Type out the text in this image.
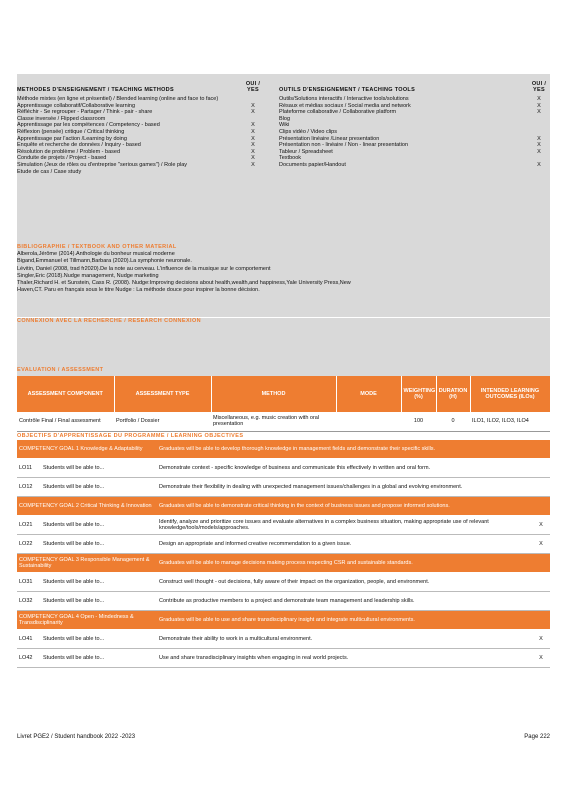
METHODES D'ENSEIGNEMENT / TEACHING METHODS
OUI / YES
Méthode mixtes (en ligne et présentiel) / Blended learning (online and face to face)
Apprentissage collaboratif/Collaborative learning	X
Réfléchir - Se regrouper - Partager / Think - pair - share	X
Classe inversée / Flipped classroom
Apprentissage par les compétences / Competency - based	X
Réflexion (pensée) critique / Critical thinking	X
Apprentissage par l'action /Learning by doing	X
Enquête et recherche de données / Inquiry - based	X
Résolution de problème / Problem - based	X
Conduite de projets / Project - based	X
Simulation (Jeux de rôles ou d'entreprise "serious games") / Role play	X
Etude de cas / Case study
OUTILS D'ENSEIGNEMENT / TEACHING TOOLS
OUI / YES
Outils/Solutions interactifs / Interactive tools/solutions	X
Résaux et médias sociaux / Social media and network	X
Plateforme collaborative / Collaborative platform	X
Blog
Wiki
Clips vidéo / Video clips
Présentation linéaire /Linear presentation	X
Présentation non - linéaire / Non - linear presentation	X
Tableur / Spreadsheet	X
Textbook
Documents papier/Handout	X
BIBLIOGRAPHIE / TEXTBOOK AND OTHER MATERIAL
Alberola,Jérôme (2014).Anthologie du bonheur musical moderne
Bigand,Emmanuel et Tillmann,Barbara (2020).La symphonie neuronale.
Lévitin, Daniel (2008, trad fr2020).De la note au cerveau. L'influence de la musique sur le comportement
Singler,Eric (2018).Nudge management, Nudge marketing
Thaler,Richard H. et Sunstein, Cass R. (2008). Nudge:Improving decisions about health,wealth,and happiness,Yale University Press,New
Haven,CT. Paru en français sous le titre Nudge : La méthode douce pour inspirer la bonne décision.
CONNEXION AVEC LA RECHERCHE / RESEARCH CONNEXION
EVALUATION / ASSESSMENT
ASSESSMENT COMPONENT	ASSESSMENT TYPE	METHOD	MODE	WEIGHTING (%)	DURATION (H)	INTENDED LEARNING OUTCOMES (ILOs)
Contrôle Final / Final assessment	Portfolio / Dossier	Miscellaneous, e.g. music creation with oral presentation		100	0	ILO1, ILO2, ILO3, ILO4
OBJECTIFS D'APPRENTISSAGE DU PROGRAMME / LEARNING OBJECTIVES
COMPETENCY GOAL 1 Knowledge & Adaptability	Graduates will be able to develop thorough knowledge in management fields and demonstrate their specific skills.	
LO11 Students will be able to...	Demonstrate context - specific knowledge of business and communicate this effectively in written and oral form.	
LO12 Students will be able to...	Demonstrate their flexibility in dealing with unexpected management issues/challenges in a global and evolving environment.	
COMPETENCY GOAL 2 Critical Thinking & Innovation	Graduates will be able to demonstrate critical thinking in the context of business issues and propose informed solutions.	
LO21 Students will be able to...	Identify, analyze and prioritize core issues and evaluate alternatives in a complex business situation, making appropriate use of relevant knowledge/tools/models/approaches.	X
LO22 Students will be able to...	Design an appropriate and informed creative recommendation to a given issue.	X
COMPETENCY GOAL 3 Responsible Management & Sustainability	Graduates will be able to manage decisions making process respecting CSR and sustainable standards.	
LO31 Students will be able to...	Construct well thought - out decisions, fully aware of their impact on the organization, people, and environment.	
LO32 Students will be able to...	Contribute as productive members to a project and demonstrate team management and leadership skills.	
COMPETENCY GOAL 4 Open - Mindedness & Transdisciplinarity	Graduates will be able to use and share transdisciplinary insight and integrate multicultural environments.	
LO41 Students will be able to...	Demonstrate their ability to work in a multicultural environment.	X
LO42 Students will be able to...	Use and share transdisciplinary insights when engaging in real world projects.	X
Livret PGE2 / Student handbook 2022 -2023	Page 222
